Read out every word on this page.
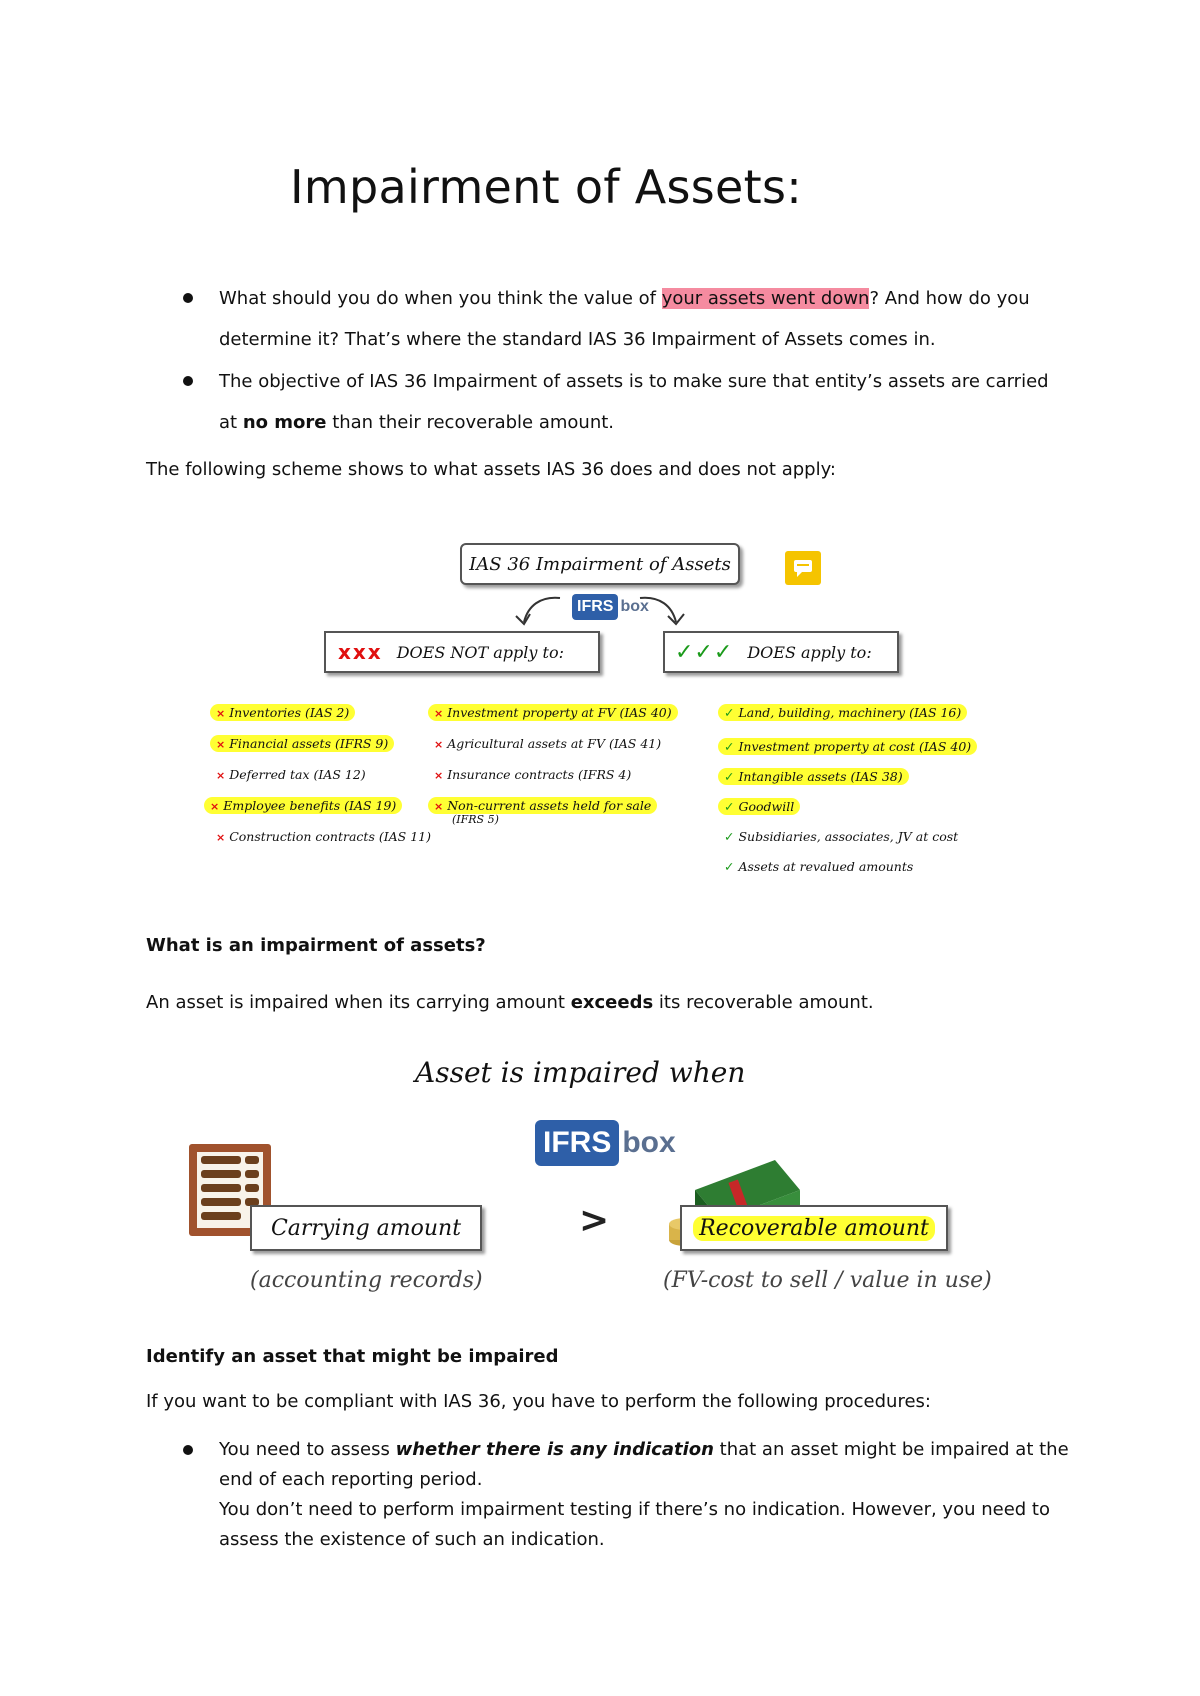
Impairment of Assets:
What should you do when you think the value of your assets went down? And how do you
determine it? That’s where the standard IAS 36 Impairment of Assets comes in.
The objective of IAS 36 Impairment of assets is to make sure that entity’s assets are carried
at no more than their recoverable amount.
The following scheme shows to what assets IAS 36 does and does not apply:
IAS 36 Impairment of Assets
IFRS box
xxx DOES NOT apply to:	✓✓✓ DOES apply to:
× Inventories (IAS 2)
× Financial assets (IFRS 9)
× Deferred tax (IAS 12)
× Employee benefits (IAS 19)
× Construction contracts (IAS 11)
× Investment property at FV (IAS 40)
× Agricultural assets at FV (IAS 41)
× Insurance contracts (IFRS 4)
× Non-current assets held for sale
(IFRS 5)
✓ Land, building, machinery (IAS 16)
✓ Investment property at cost (IAS 40)
✓ Intangible assets (IAS 38)
✓ Goodwill
✓ Subsidiaries, associates, JV at cost
✓ Assets at revalued amounts
What is an impairment of assets?
An asset is impaired when its carrying amount exceeds its recoverable amount.
Asset is impaired when
IFRS box
Carrying amount
(accounting records)
>	Recoverable amount
(FV-cost to sell / value in use)
Identify an asset that might be impaired
If you want to be compliant with IAS 36, you have to perform the following procedures:
You need to assess whether there is any indication that an asset might be impaired at the
end of each reporting period.
You don’t need to perform impairment testing if there’s no indication. However, you need to
assess the existence of such an indication.
